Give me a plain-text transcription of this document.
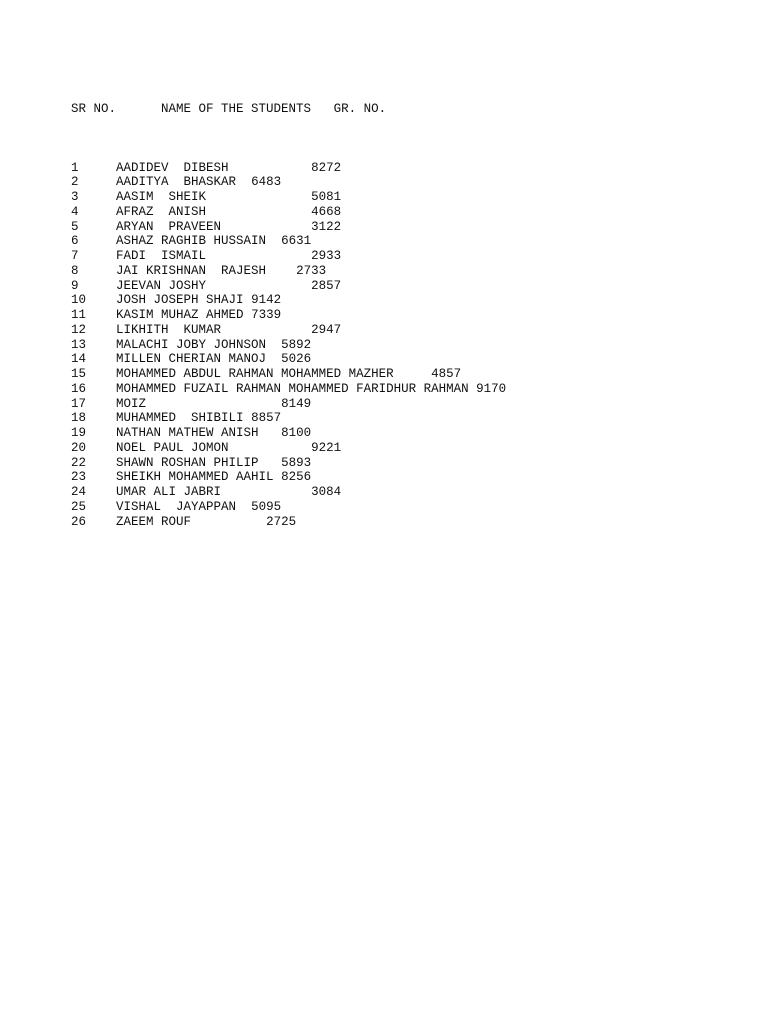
SR NO.	NAME OF THE STUDENTS GR. NO.

1	AADIDEV  DIBESH	8272
2	AADITYA  BHASKAR 6483
3	AASIM  SHEIK	5081
4	AFRAZ  ANISH	4668
5	ARYAN  PRAVEEN	3122
6	ASHAZ RAGHIB HUSSAIN 6631
7	FADI  ISMAIL	2933
8	JAI KRISHNAN  RAJESH 2733
9	JEEVAN JOSHY	2857
10 JOSH JOSEPH SHAJI 9142
11 KASIM MUHAZ AHMED 7339
12 LIKHITH  KUMAR	2947
13 MALACHI JOBY JOHNSON 5892
14 MILLEN CHERIAN MANOJ 5026
15 MOHAMMED ABDUL RAHMAN MOHAMMED MAZHER	4857
16 MOHAMMED FUZAIL RAHMAN MOHAMMED FARIDHUR RAHMAN 9170
17 MOIZ	8149
18 MUHAMMED  SHIBILI 8857
19 NATHAN MATHEW ANISH 8100
20 NOEL PAUL JOMON	9221
22 SHAWN ROSHAN PHILIP 5893
23 SHEIKH MOHAMMED AAHIL 8256
24 UMAR ALI JABRI	3084
25 VISHAL  JAYAPPAN 5095
26 ZAEEM ROUF	2725
